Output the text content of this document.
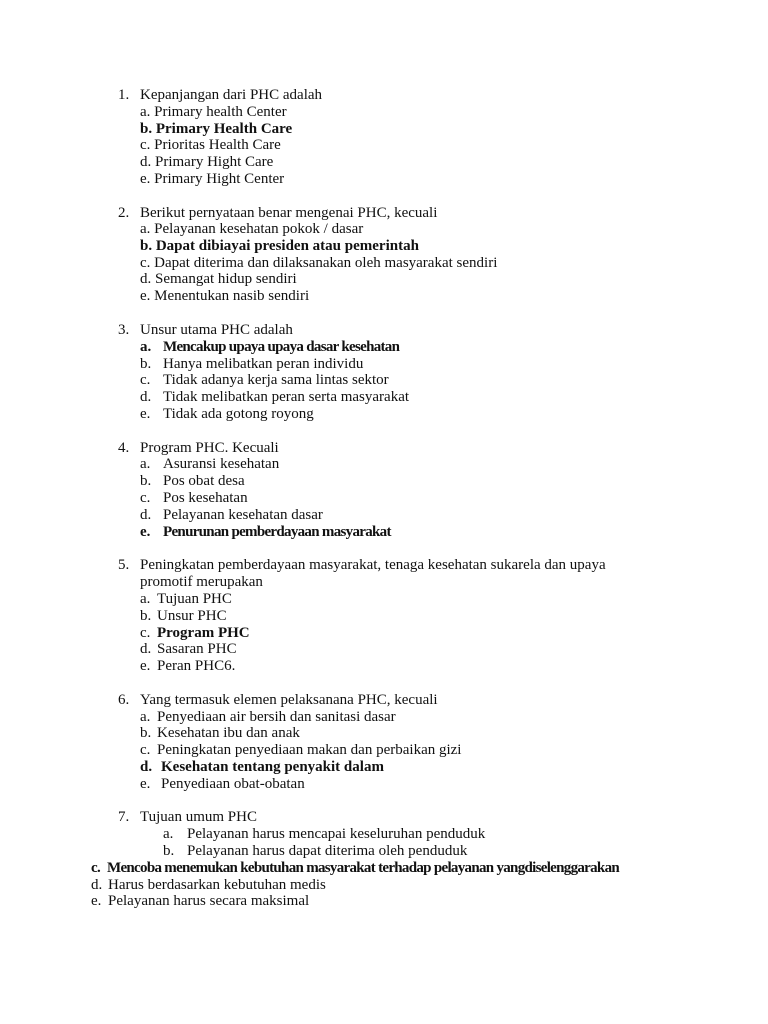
1. Kepanjangan dari PHC adalah
a. Primary health Center
b. Primary Health Care
c. Prioritas Health Care
d. Primary Hight Care
e. Primary Hight Center
2. Berikut pernyataan benar mengenai PHC, kecuali
a. Pelayanan kesehatan pokok / dasar
b. Dapat dibiayai presiden atau pemerintah
c. Dapat diterima dan dilaksanakan oleh masyarakat sendiri
d. Semangat hidup sendiri
e. Menentukan nasib sendiri
3. Unsur utama PHC adalah
a. Mencakup upaya upaya dasar kesehatan
b. Hanya melibatkan peran individu
c. Tidak adanya kerja sama lintas sektor
d. Tidak melibatkan peran serta masyarakat
e. Tidak ada gotong royong
4. Program PHC. Kecuali
a. Asuransi kesehatan
b. Pos obat desa
c. Pos kesehatan
d. Pelayanan kesehatan dasar
e. Penurunan pemberdayaan masyarakat
5. Peningkatan pemberdayaan masyarakat, tenaga kesehatan sukarela dan upaya
promotif merupakan
a. Tujuan PHC
b. Unsur PHC
c. Program PHC
d. Sasaran PHC
e. Peran PHC6.
6. Yang termasuk elemen pelaksanana PHC, kecuali
a. Penyediaan air bersih dan sanitasi dasar
b. Kesehatan ibu dan anak
c. Peningkatan penyediaan makan dan perbaikan gizi
d. Kesehatan tentang penyakit dalam
e. Penyediaan obat-obatan
7. Tujuan umum PHC
a. Pelayanan harus mencapai keseluruhan penduduk
b. Pelayanan harus dapat diterima oleh penduduk
c. Mencoba menemukan kebutuhan masyarakat terhadap pelayanan yangdiselenggarakan
d. Harus berdasarkan kebutuhan medis
e. Pelayanan harus secara maksimal
